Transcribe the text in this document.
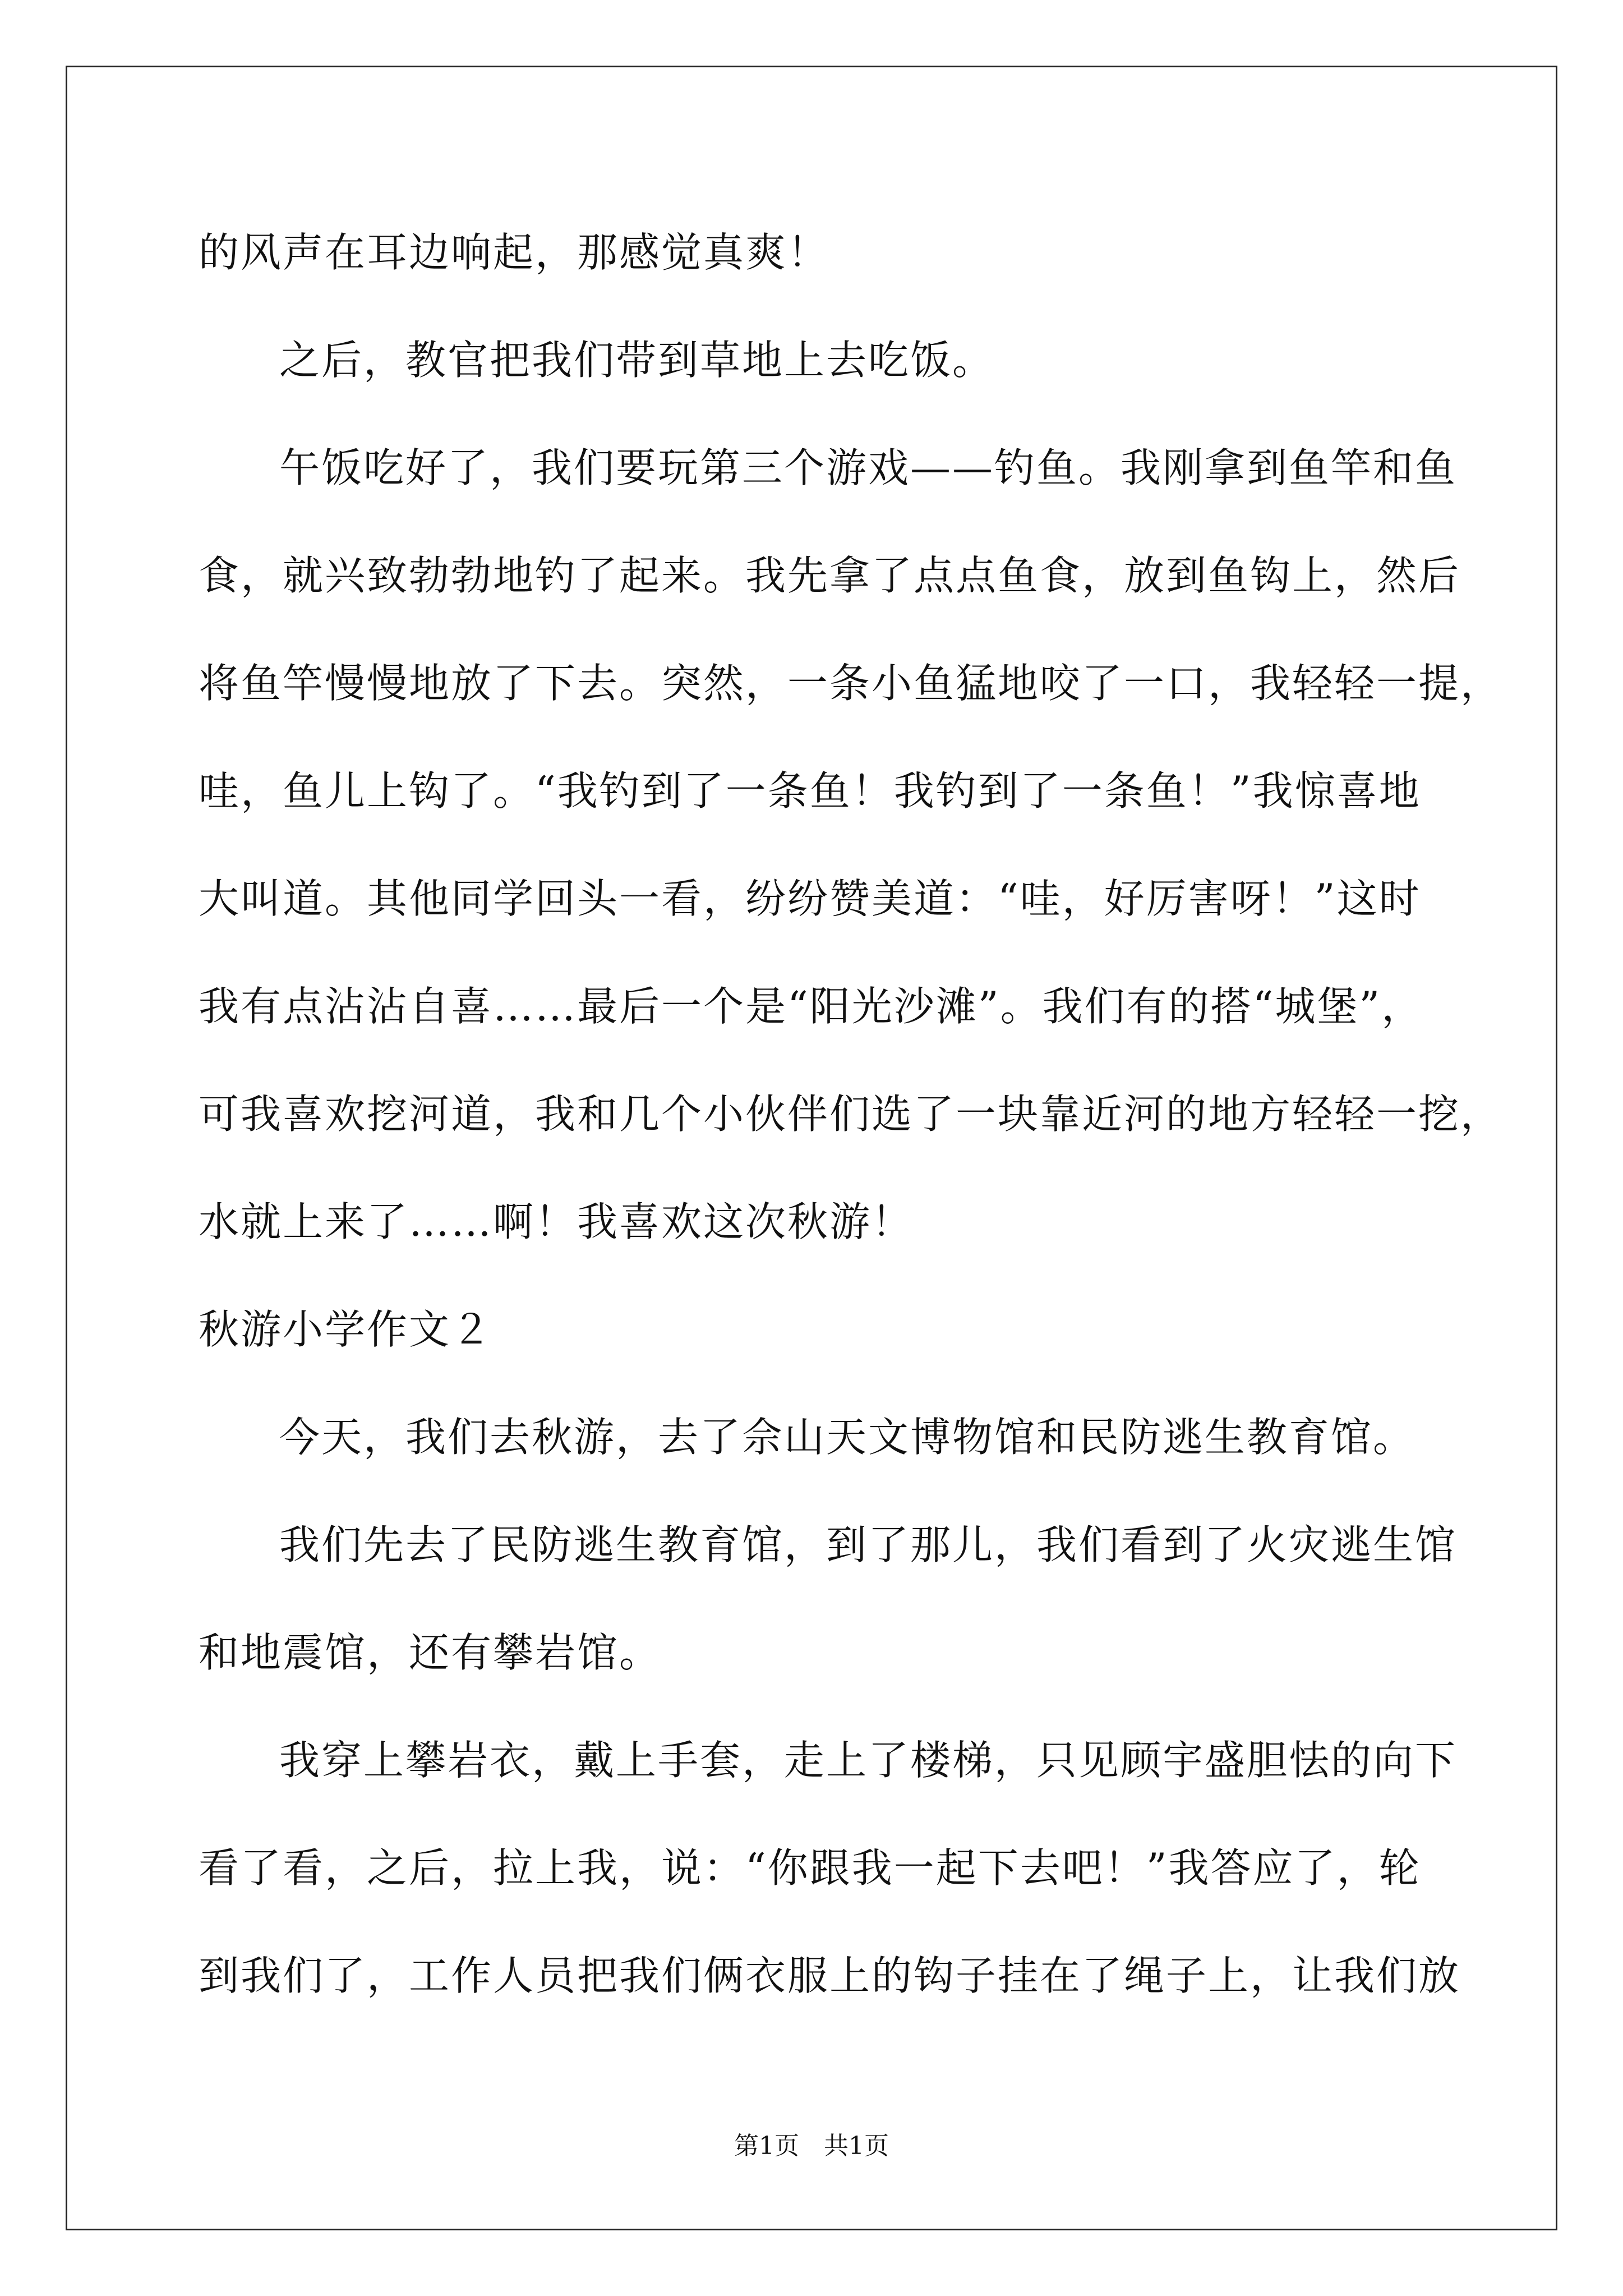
的风声在耳边响起，那感觉真爽！
之后，教官把我们带到草地上去吃饭。
午饭吃好了，我们要玩第三个游戏——钓鱼。我刚拿到鱼竿和鱼
食，就兴致勃勃地钓了起来。我先拿了点点鱼食，放到鱼钩上，然后
将鱼竿慢慢地放了下去。突然，一条小鱼猛地咬了一口，我轻轻一提，
哇，鱼儿上钩了。“我钓到了一条鱼！我钓到了一条鱼！”我惊喜地
大叫道。其他同学回头一看，纷纷赞美道：“哇，好厉害呀！”这时
我有点沾沾自喜……最后一个是“阳光沙滩”。我们有的搭“城堡”，
可我喜欢挖河道，我和几个小伙伴们选了一块靠近河的地方轻轻一挖，
水就上来了……啊！我喜欢这次秋游！
秋游小学作文２
今天，我们去秋游，去了佘山天文博物馆和民防逃生教育馆。
我们先去了民防逃生教育馆，到了那儿，我们看到了火灾逃生馆
和地震馆，还有攀岩馆。
我穿上攀岩衣，戴上手套，走上了楼梯，只见顾宇盛胆怯的向下
看了看，之后，拉上我，说：“你跟我一起下去吧！”我答应了，轮
到我们了，工作人员把我们俩衣服上的钩子挂在了绳子上，让我们放
第1页　共1页
